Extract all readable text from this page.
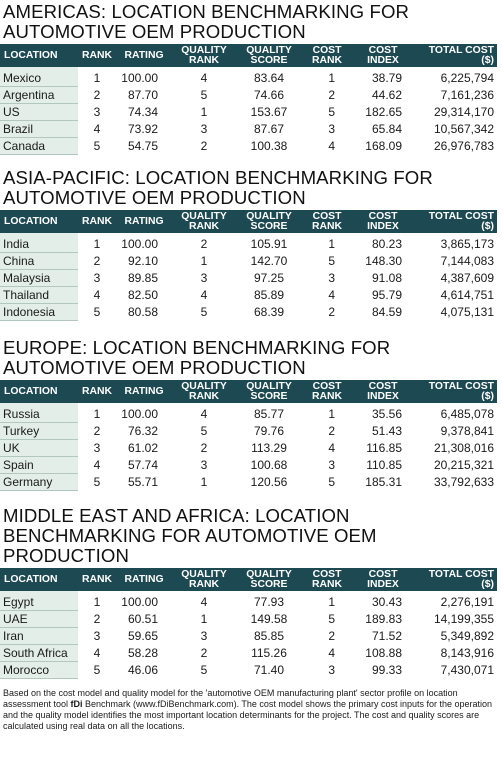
AMERICAS: LOCATION BENCHMARKING FOR AUTOMOTIVE OEM PRODUCTION
LOCATION	RANK	RATING	QUALITY RANK	QUALITY SCORE	COST RANK	COST INDEX	TOTAL COST ($)
Mexico	1	100.00	4	83.64	1	38.79	6,225,794
Argentina	2	87.70	5	74.66	2	44.62	7,161,236
US	3	74.34	1	153.67	5	182.65	29,314,170
Brazil	4	73.92	3	87.67	3	65.84	10,567,342
Canada	5	54.75	2	100.38	4	168.09	26,976,783
ASIA-PACIFIC: LOCATION BENCHMARKING FOR AUTOMOTIVE OEM PRODUCTION
LOCATION	RANK	RATING	QUALITY RANK	QUALITY SCORE	COST RANK	COST INDEX	TOTAL COST ($)
India	1	100.00	2	105.91	1	80.23	3,865,173
China	2	92.10	1	142.70	5	148.30	7,144,083
Malaysia	3	89.85	3	97.25	3	91.08	4,387,609
Thailand	4	82.50	4	85.89	4	95.79	4,614,751
Indonesia	5	80.58	5	68.39	2	84.59	4,075,131
EUROPE: LOCATION BENCHMARKING FOR AUTOMOTIVE OEM PRODUCTION
LOCATION	RANK	RATING	QUALITY RANK	QUALITY SCORE	COST RANK	COST INDEX	TOTAL COST ($)
Russia	1	100.00	4	85.77	1	35.56	6,485,078
Turkey	2	76.32	5	79.76	2	51.43	9,378,841
UK	3	61.02	2	113.29	4	116.85	21,308,016
Spain	4	57.74	3	100.68	3	110.85	20,215,321
Germany	5	55.71	1	120.56	5	185.31	33,792,633
MIDDLE EAST AND AFRICA: LOCATION BENCHMARKING FOR AUTOMOTIVE OEM PRODUCTION
LOCATION	RANK	RATING	QUALITY RANK	QUALITY SCORE	COST RANK	COST INDEX	TOTAL COST ($)
Egypt	1	100.00	4	77.93	1	30.43	2,276,191
UAE	2	60.51	1	149.58	5	189.83	14,199,355
Iran	3	59.65	3	85.85	2	71.52	5,349,892
South Africa	4	58.28	2	115.26	4	108.88	8,143,916
Morocco	5	46.06	5	71.40	3	99.33	7,430,071
Based on the cost model and quality model for the 'automotive OEM manufacturing plant' sector profile on location assessment tool fDi Benchmark (www.fDiBenchmark.com). The cost model shows the primary cost inputs for the operation and the quality model identifies the most important location determinants for the project. The cost and quality scores are calculated using real data on all the locations.
